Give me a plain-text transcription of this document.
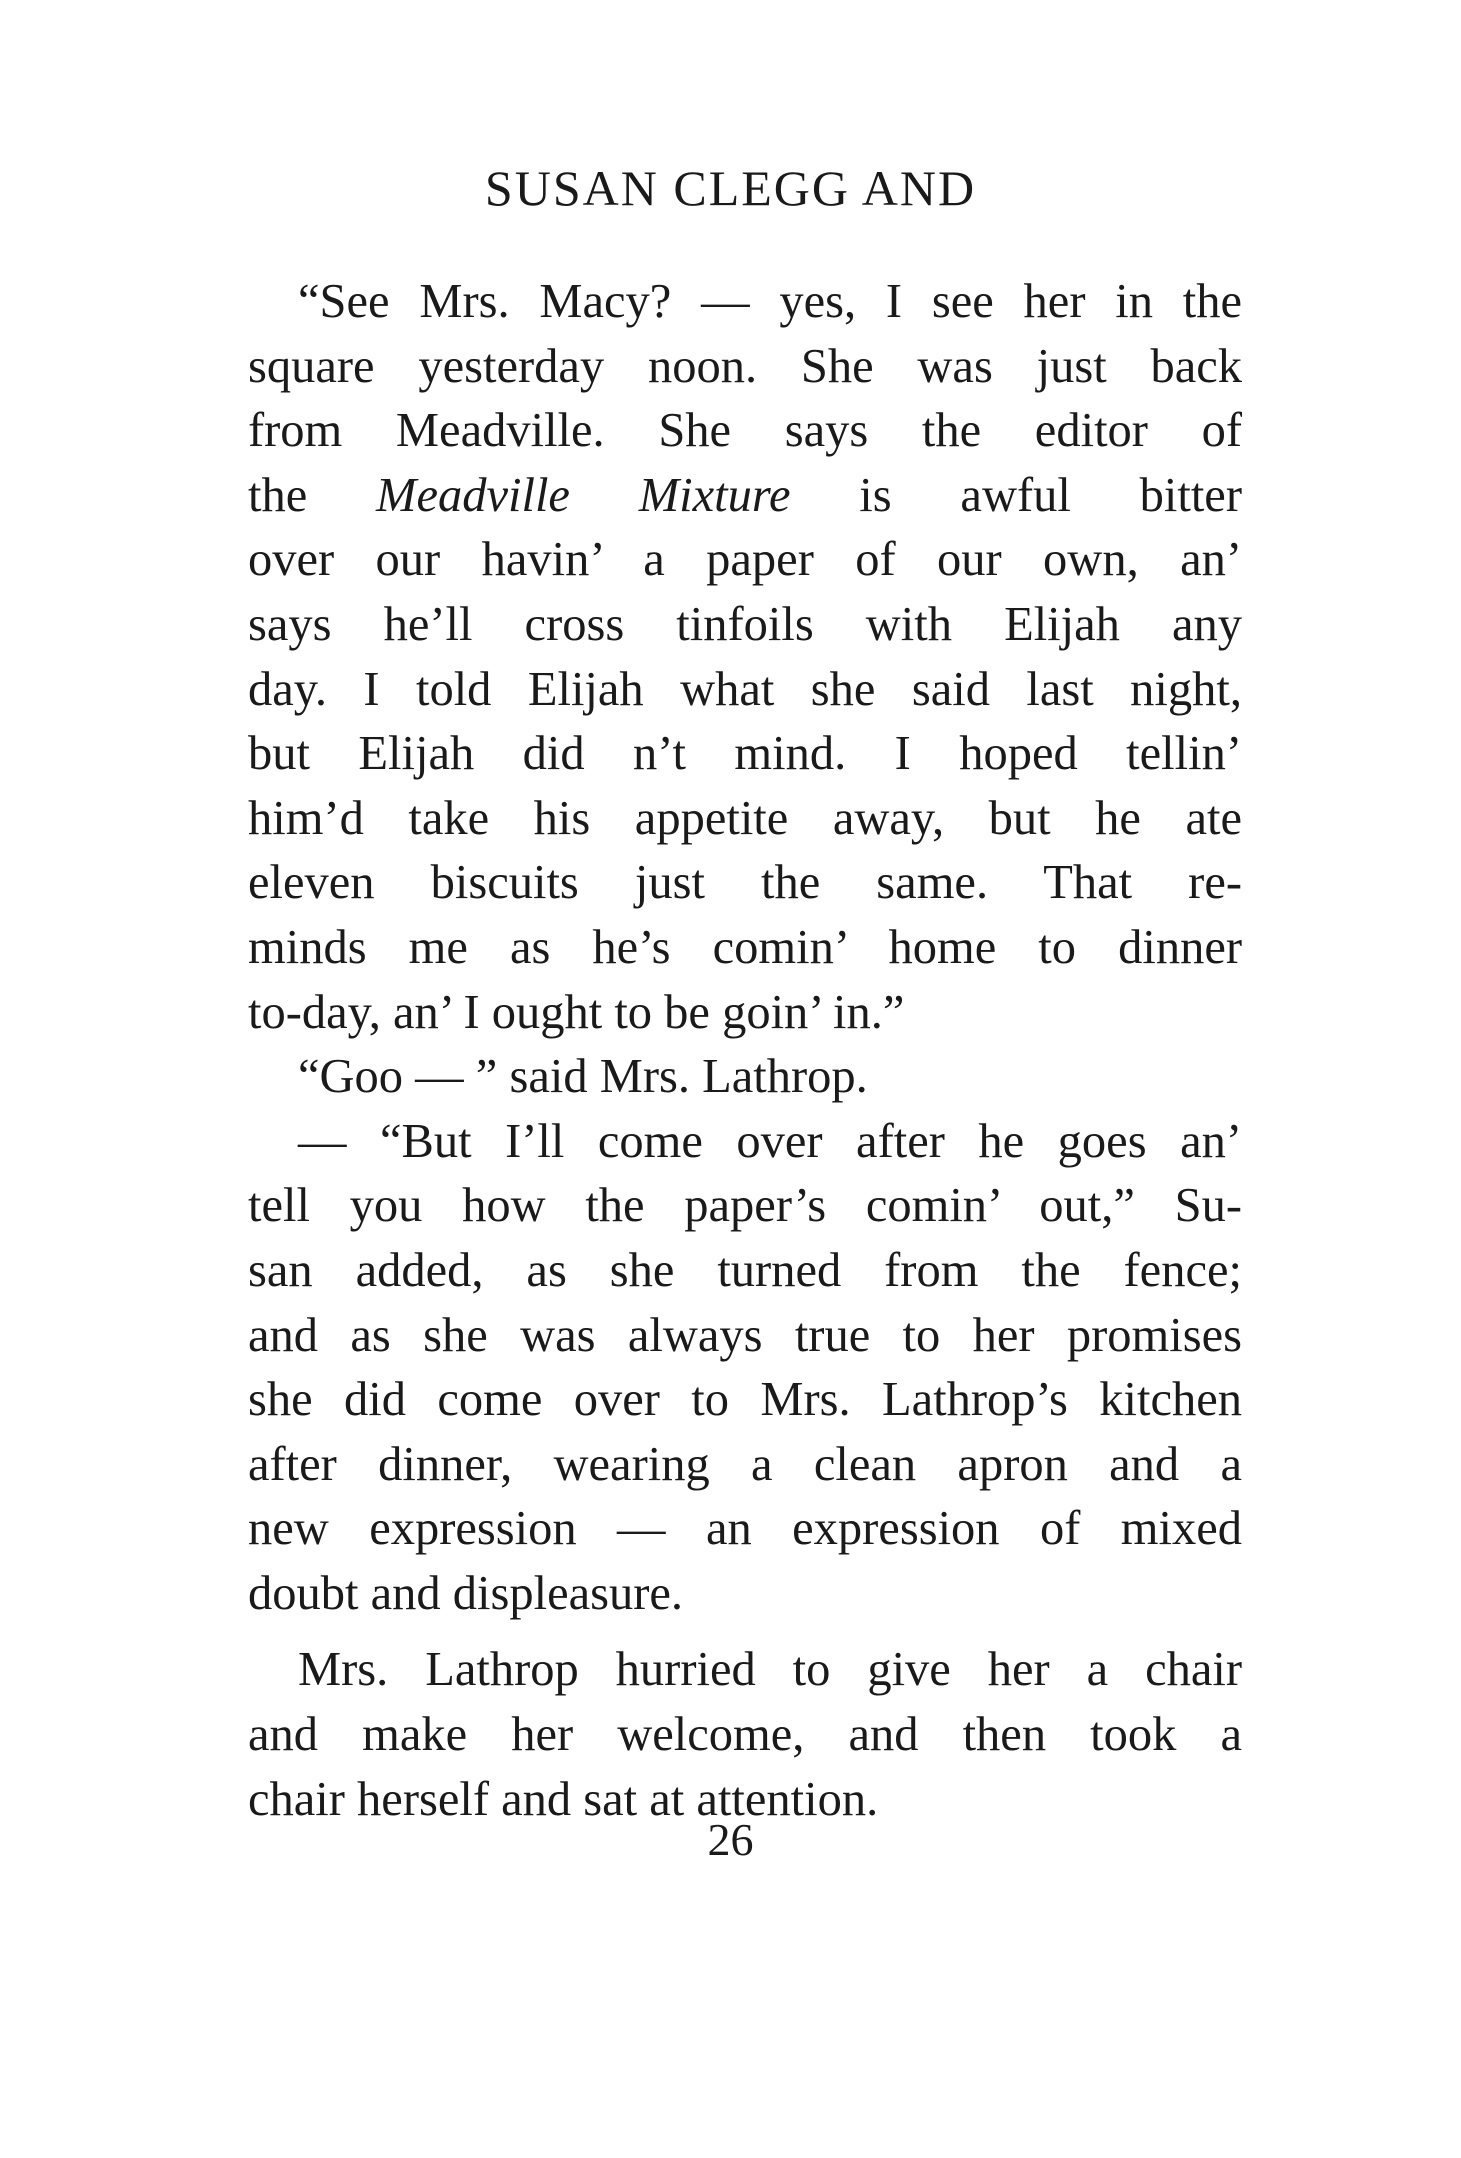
SUSAN CLEGG AND
“See Mrs. Macy? — yes, I see her in the
square yesterday noon. She was just back
from Meadville. She says the editor of
the Meadville Mixture is awful bitter
over our havin’ a paper of our own, an’
says he’ll cross tinfoils with Elijah any
day. I told Elijah what she said last night,
but Elijah did n’t mind. I hoped tellin’
him’d take his appetite away, but he ate
eleven biscuits just the same. That re-
minds me as he’s comin’ home to dinner
to-day, an’ I ought to be goin’ in.”
“Goo — ” said Mrs. Lathrop.
— “But I’ll come over after he goes an’
tell you how the paper’s comin’ out,” Su-
san added, as she turned from the fence;
and as she was always true to her promises
she did come over to Mrs. Lathrop’s kitchen
after dinner, wearing a clean apron and a
new expression — an expression of mixed
doubt and displeasure.
Mrs. Lathrop hurried to give her a chair
and make her welcome, and then took a
chair herself and sat at attention.
26
